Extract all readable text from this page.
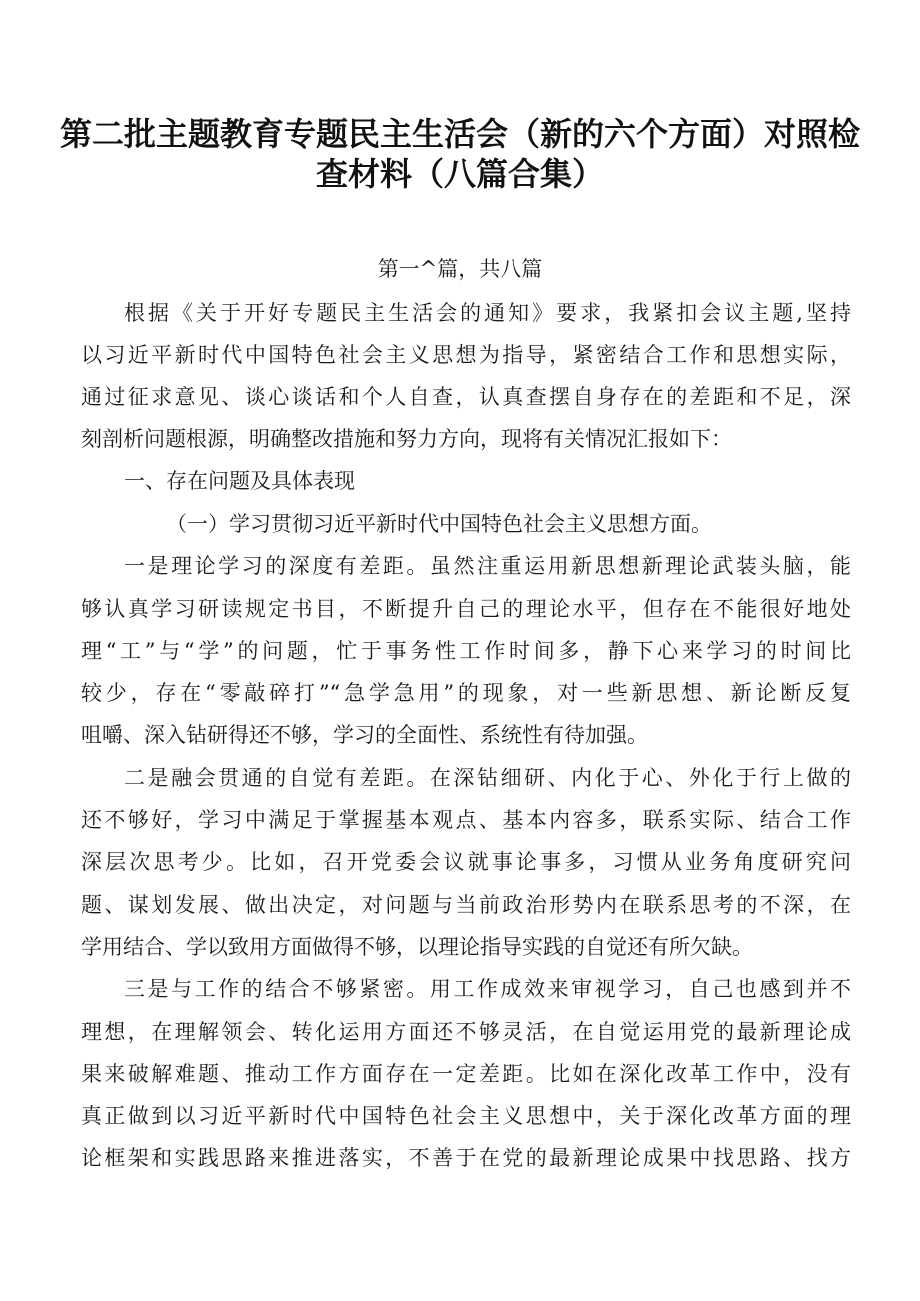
第二批主题教育专题民主生活会（新的六个方面）对照检
查材料（八篇合集）
第一^篇，共八篇
根据《关于开好专题民主生活会的通知》要求，我紧扣会议主题,坚持
以习近平新时代中国特色社会主义思想为指导，紧密结合工作和思想实际，
通过征求意见、谈心谈话和个人自查，认真查摆自身存在的差距和不足，深
刻剖析问题根源，明确整改措施和努力方向，现将有关情况汇报如下：
一、存在问题及具体表现
（一）学习贯彻习近平新时代中国特色社会主义思想方面。
一是理论学习的深度有差距。虽然注重运用新思想新理论武装头脑，能
够认真学习研读规定书目，不断提升自己的理论水平，但存在不能很好地处
理“工”与“学”的问题，忙于事务性工作时间多，静下心来学习的时间比
较少，存在“零敲碎打”“急学急用”的现象，对一些新思想、新论断反复
咀嚼、深入钻研得还不够，学习的全面性、系统性有待加强。
二是融会贯通的自觉有差距。在深钻细研、内化于心、外化于行上做的
还不够好，学习中满足于掌握基本观点、基本内容多，联系实际、结合工作
深层次思考少。比如，召开党委会议就事论事多，习惯从业务角度研究问
题、谋划发展、做出决定，对问题与当前政治形势内在联系思考的不深，在
学用结合、学以致用方面做得不够，以理论指导实践的自觉还有所欠缺。
三是与工作的结合不够紧密。用工作成效来审视学习，自己也感到并不
理想，在理解领会、转化运用方面还不够灵活，在自觉运用党的最新理论成
果来破解难题、推动工作方面存在一定差距。比如在深化改革工作中，没有
真正做到以习近平新时代中国特色社会主义思想中，关于深化改革方面的理
论框架和实践思路来推进落实，不善于在党的最新理论成果中找思路、找方
